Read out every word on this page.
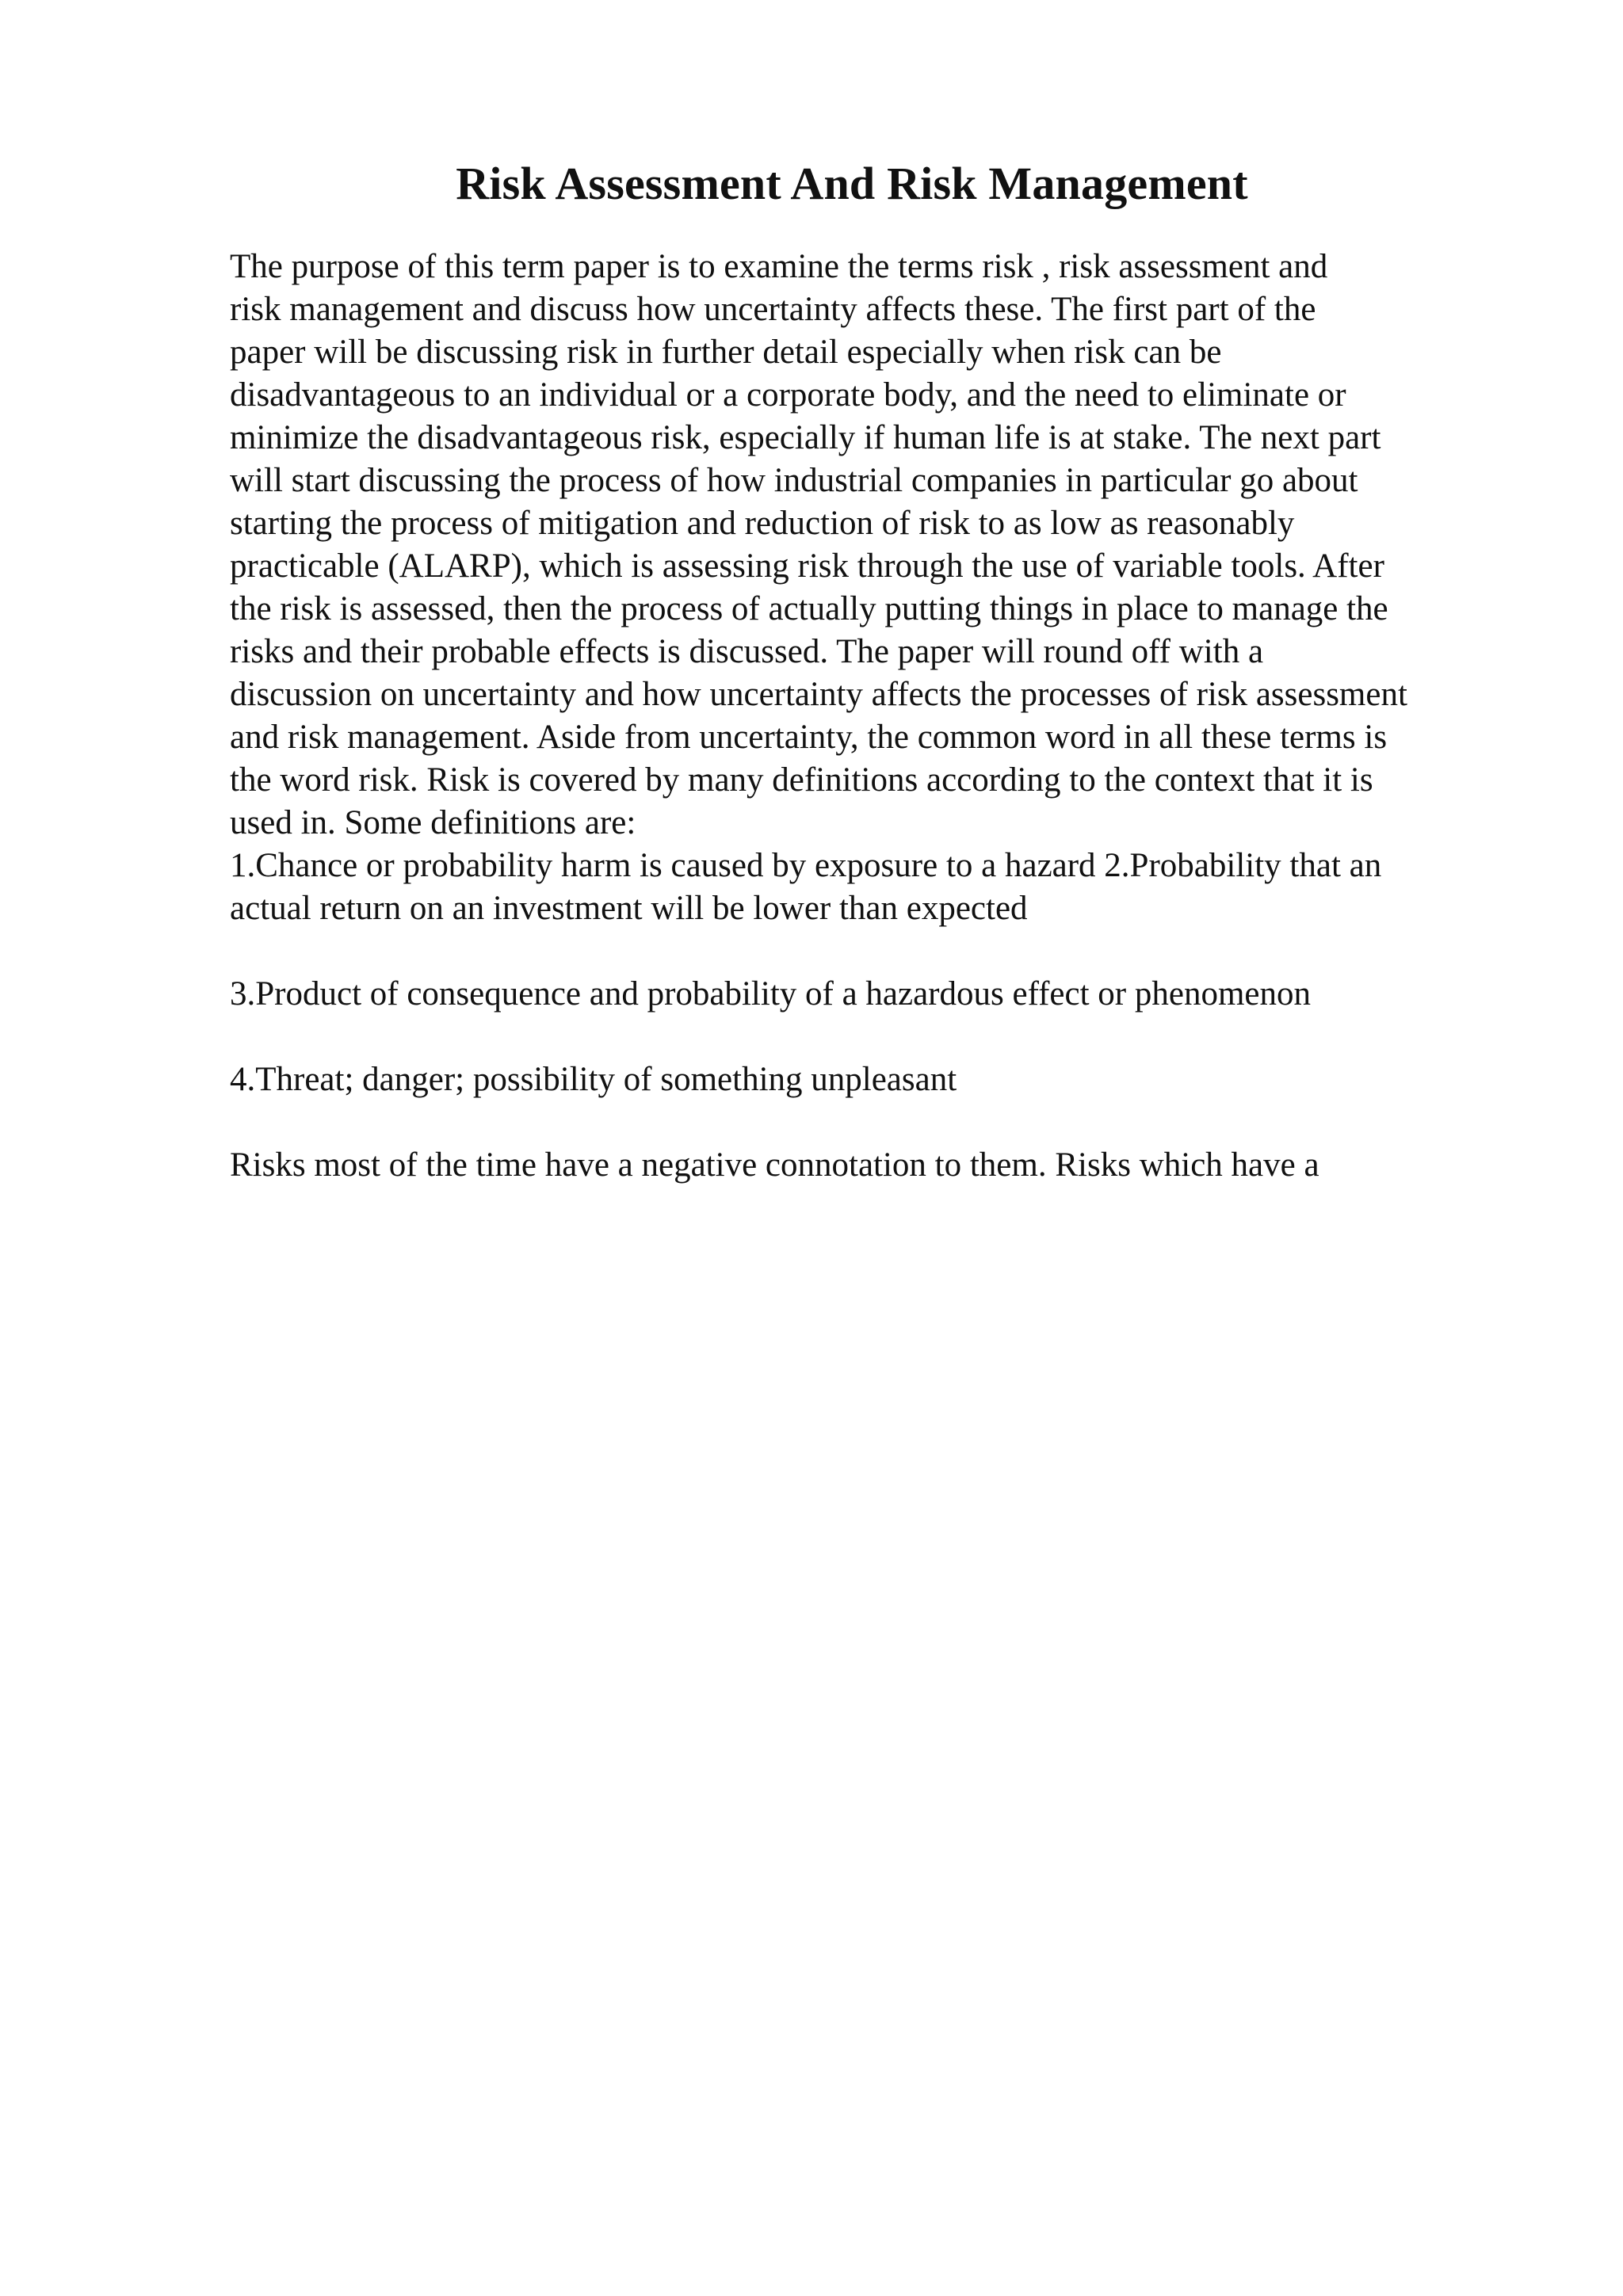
Risk Assessment And Risk Management
The purpose of this term paper is to examine the terms risk , risk assessment and
risk management and discuss how uncertainty affects these. The first part of the
paper will be discussing risk in further detail especially when risk can be
disadvantageous to an individual or a corporate body, and the need to eliminate or
minimize the disadvantageous risk, especially if human life is at stake. The next part
will start discussing the process of how industrial companies in particular go about
starting the process of mitigation and reduction of risk to as low as reasonably
practicable (ALARP), which is assessing risk through the use of variable tools. After
the risk is assessed, then the process of actually putting things in place to manage the
risks and their probable effects is discussed. The paper will round off with a
discussion on uncertainty and how uncertainty affects the processes of risk assessment
and risk management. Aside from uncertainty, the common word in all these terms is
the word risk. Risk is covered by many definitions according to the context that it is
used in. Some definitions are:
1.Chance or probability harm is caused by exposure to a hazard 2.Probability that an
actual return on an investment will be lower than expected
3.Product of consequence and probability of a hazardous effect or phenomenon
4.Threat; danger; possibility of something unpleasant
Risks most of the time have a negative connotation to them. Risks which have a
